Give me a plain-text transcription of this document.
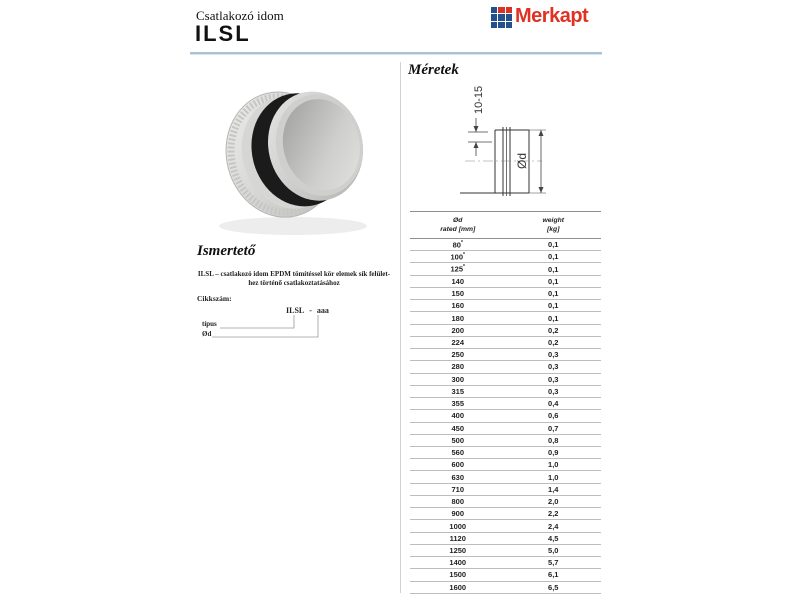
Csatlakozó idom
ILSL
Merkapt
Ismertető
ILSL – csatlakozó idom EPDM tömítéssel kör elemek sík felület-
hez történő csatlakoztatásához
Cikkszám:
ILSL - aaa
típus
Ød
Méretek
10-15
Ød
Ød
rated [mm]
weight
[kg]
80*	0,1
100*	0,1
125*	0,1
140	0,1
150	0,1
160	0,1
180	0,1
200	0,2
224	0,2
250	0,3
280	0,3
300	0,3
315	0,3
355	0,4
400	0,6
450	0,7
500	0,8
560	0,9
600	1,0
630	1,0
710	1,4
800	2,0
900	2,2
1000	2,4
1120	4,5
1250	5,0
1400	5,7
1500	6,1
1600	6,5
